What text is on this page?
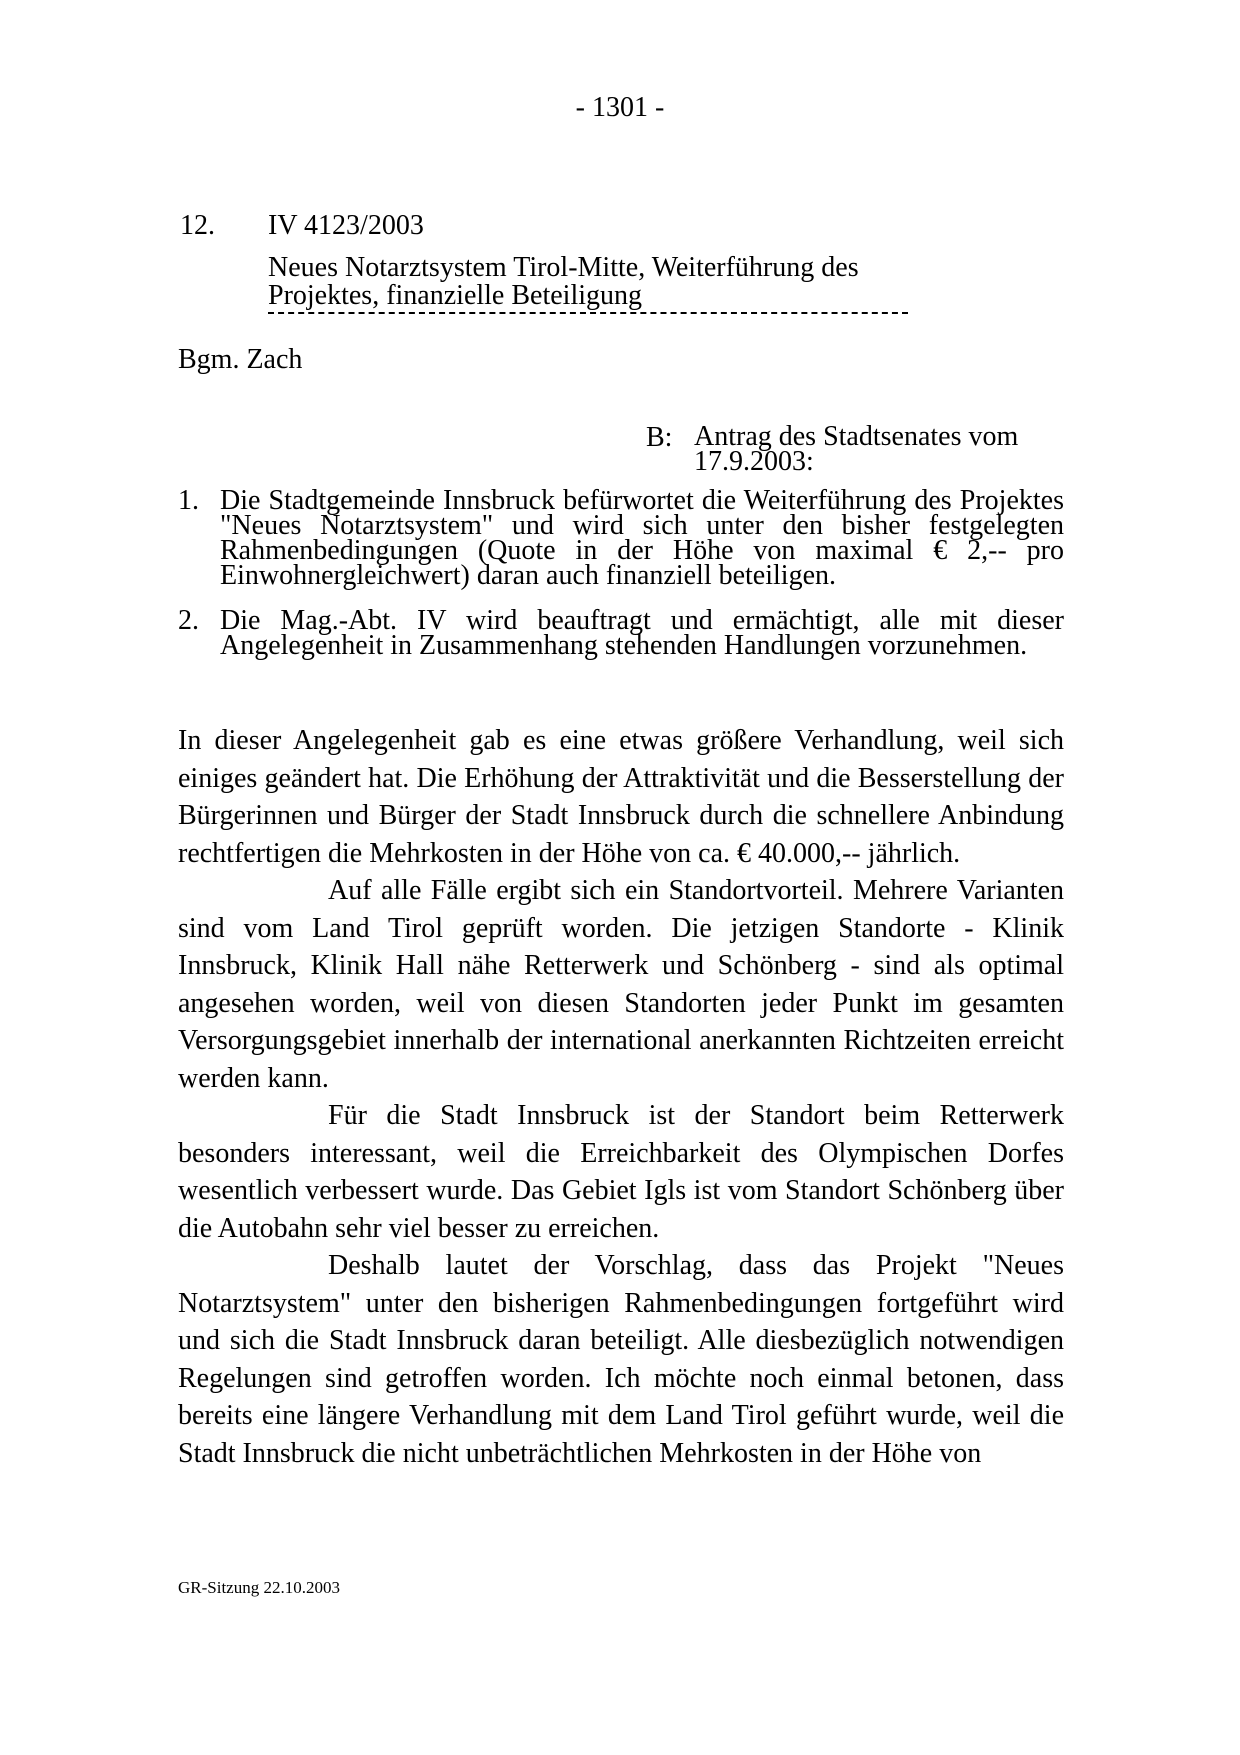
- 1301 -
12. IV 4123/2003
Neues Notarztsystem Tirol-Mitte, Weiterführung des
Projektes, finanzielle Beteiligung
Bgm. Zach
B: Antrag des Stadtsenates vom
17.9.2003:
1. Die Stadtgemeinde Innsbruck befürwortet die Weiterführung des Projektes "Neues Notarztsystem" und wird sich unter den bisher festgelegten Rahmenbedingungen (Quote in der Höhe von maximal € 2,-- pro Einwohnergleichwert) daran auch finanziell beteiligen.
2. Die Mag.-Abt. IV wird beauftragt und ermächtigt, alle mit dieser Angelegenheit in Zusammenhang stehenden Handlungen vorzunehmen.

In dieser Angelegenheit gab es eine etwas größere Verhandlung, weil sich einiges geändert hat. Die Erhöhung der Attraktivität und die Besserstellung der Bürgerinnen und Bürger der Stadt Innsbruck durch die schnellere Anbindung rechtfertigen die Mehrkosten in der Höhe von ca. € 40.000,-- jährlich.

Auf alle Fälle ergibt sich ein Standortvorteil. Mehrere Varianten sind vom Land Tirol geprüft worden. Die jetzigen Standorte - Klinik Innsbruck, Klinik Hall nähe Retterwerk und Schönberg - sind als optimal angesehen worden, weil von diesen Standorten jeder Punkt im gesamten Versorgungsgebiet innerhalb der international anerkannten Richtzeiten erreicht werden kann.

Für die Stadt Innsbruck ist der Standort beim Retterwerk besonders interessant, weil die Erreichbarkeit des Olympischen Dorfes wesentlich verbessert wurde. Das Gebiet Igls ist vom Standort Schönberg über die Autobahn sehr viel besser zu erreichen.

Deshalb lautet der Vorschlag, dass das Projekt "Neues Notarztsystem" unter den bisherigen Rahmenbedingungen fortgeführt wird und sich die Stadt Innsbruck daran beteiligt. Alle diesbezüglich notwendigen Regelungen sind getroffen worden. Ich möchte noch einmal betonen, dass bereits eine längere Verhandlung mit dem Land Tirol geführt wurde, weil die Stadt Innsbruck die nicht unbeträchtlichen Mehrkosten in der Höhe von

GR-Sitzung 22.10.2003
